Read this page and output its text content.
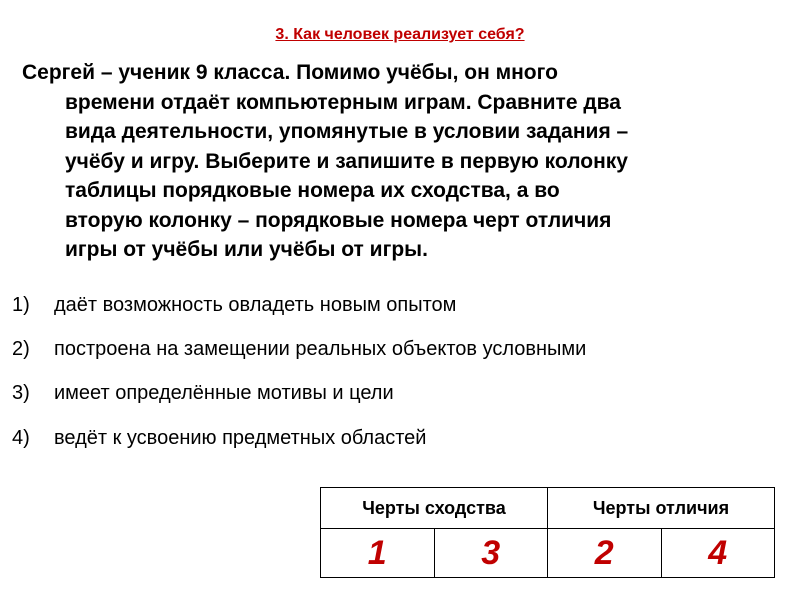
3. Как человек реализует себя?

Сергей – ученик 9 класса. Помимо учёбы, он много
времени отдаёт компьютерным играм. Сравните два
вида деятельности, упомянутые в условии задания –
учёбу и игру. Выберите и запишите в первую колонку
таблицы порядковые номера их сходства, а во
вторую колонку – порядковые номера черт отличия
игры от учёбы или учёбы от игры.

1) даёт возможность овладеть новым опытом
2) построена на замещении реальных объектов условными
3) имеет определённые мотивы и цели
4) ведёт к усвоению предметных областей
Черты сходства		Черты отличия	
1	3	2	4
